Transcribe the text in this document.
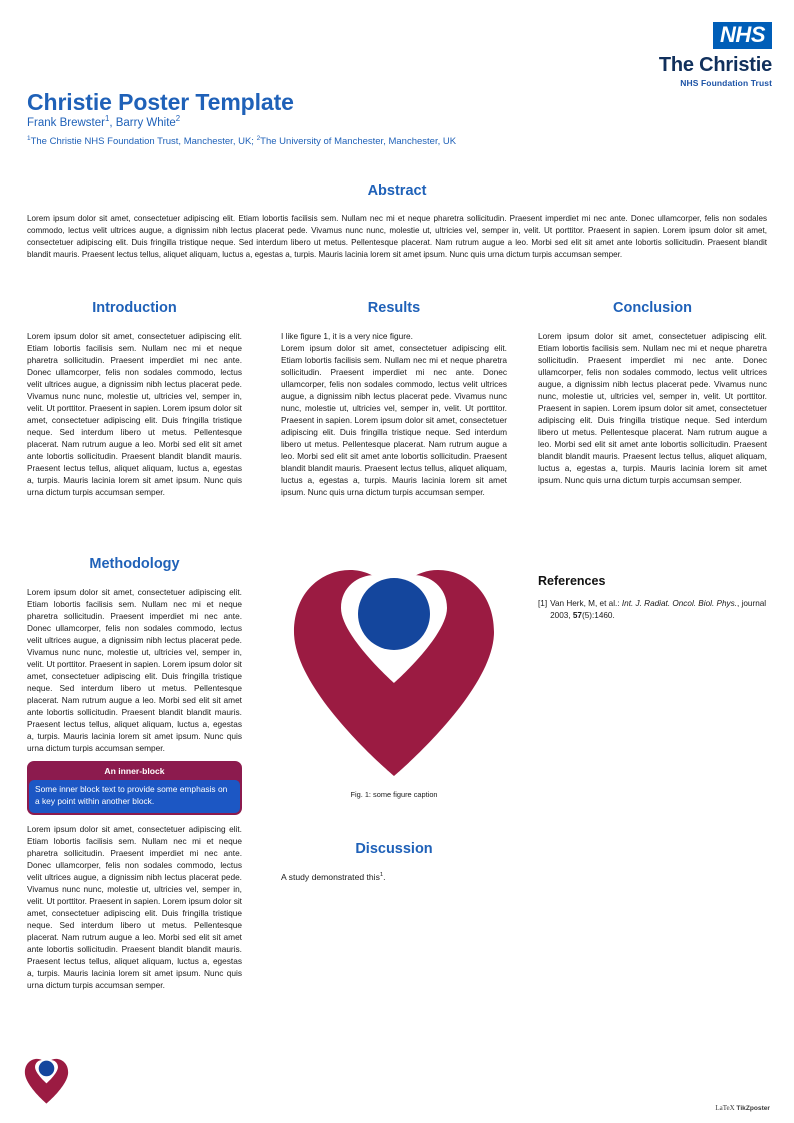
NHS
The Christie
NHS Foundation Trust
Christie Poster Template
Frank Brewster$^1$, Barry White$^2$
$^1$The Christie NHS Foundation Trust, Manchester, UK; $^2$The University of Manchester, Manchester, UK
Abstract

Lorem ipsum dolor sit amet, consectetuer adipiscing elit. Etiam lobortis facilisis sem. Nullam nec mi et neque pharetra sollicitudin. Praesent imperdiet mi nec ante. Donec ullamcorper, felis non sodales commodo, lectus velit ultrices augue, a dignissim nibh lectus placerat pede. Vivamus nunc nunc, molestie ut, ultricies vel, semper in, velit. Ut porttitor. Praesent in sapien. Lorem ipsum dolor sit amet, consectetuer adipiscing elit. Duis fringilla tristique neque. Sed interdum libero ut metus. Pellentesque placerat. Nam rutrum augue a leo. Morbi sed elit sit amet ante lobortis sollicitudin. Praesent blandit blandit mauris. Praesent lectus tellus, aliquet aliquam, luctus a, egestas a, turpis. Mauris lacinia lorem sit amet ipsum. Nunc quis urna dictum turpis accumsan semper.

Introduction

Lorem ipsum dolor sit amet, consectetuer adipiscing elit. Etiam lobortis facilisis sem. Nullam nec mi et neque pharetra sollicitudin. Praesent imperdiet mi nec ante. Donec ullamcorper, felis non sodales commodo, lectus velit ultrices augue, a dignissim nibh lectus placerat pede. Vivamus nunc nunc, molestie ut, ultricies vel, semper in, velit. Ut porttitor. Praesent in sapien. Lorem ipsum dolor sit amet, consectetuer adipiscing elit. Duis fringilla tristique neque. Sed interdum libero ut metus. Pellentesque placerat. Nam rutrum augue a leo. Morbi sed elit sit amet ante lobortis sollicitudin. Praesent blandit blandit mauris. Praesent lectus tellus, aliquet aliquam, luctus a, egestas a, turpis. Mauris lacinia lorem sit amet ipsum. Nunc quis urna dictum turpis accumsan semper.

Results

I like figure 1, it is a very nice figure.

Lorem ipsum dolor sit amet, consectetuer adipiscing elit. Etiam lobortis facilisis sem. Nullam nec mi et neque pharetra sollicitudin. Praesent imperdiet mi nec ante. Donec ullamcorper, felis non sodales commodo, lectus velit ultrices augue, a dignissim nibh lectus placerat pede. Vivamus nunc nunc, molestie ut, ultricies vel, semper in, velit. Ut porttitor. Praesent in sapien. Lorem ipsum dolor sit amet, consectetuer adipiscing elit. Duis fringilla tristique neque. Sed interdum libero ut metus. Pellentesque placerat. Nam rutrum augue a leo. Morbi sed elit sit amet ante lobortis sollicitudin. Praesent blandit blandit mauris. Praesent lectus tellus, aliquet aliquam, luctus a, egestas a, turpis. Mauris lacinia lorem sit amet ipsum. Nunc quis urna dictum turpis accumsan semper.

Conclusion

Lorem ipsum dolor sit amet, consectetuer adipiscing elit. Etiam lobortis facilisis sem. Nullam nec mi et neque pharetra sollicitudin. Praesent imperdiet mi nec ante. Donec ullamcorper, felis non sodales commodo, lectus velit ultrices augue, a dignissim nibh lectus placerat pede. Vivamus nunc nunc, molestie ut, ultricies vel, semper in, velit. Ut porttitor. Praesent in sapien. Lorem ipsum dolor sit amet, consectetuer adipiscing elit. Duis fringilla tristique neque. Sed interdum libero ut metus. Pellentesque placerat. Nam rutrum augue a leo. Morbi sed elit sit amet ante lobortis sollicitudin. Praesent blandit blandit mauris. Praesent lectus tellus, aliquet aliquam, luctus a, egestas a, turpis. Mauris lacinia lorem sit amet ipsum. Nunc quis urna dictum turpis accumsan semper.

Methodology

Lorem ipsum dolor sit amet, consectetuer adipiscing elit. Etiam lobortis facilisis sem. Nullam nec mi et neque pharetra sollicitudin. Praesent imperdiet mi nec ante. Donec ullamcorper, felis non sodales commodo, lectus velit ultrices augue, a dignissim nibh lectus placerat pede. Vivamus nunc nunc, molestie ut, ultricies vel, semper in, velit. Ut porttitor. Praesent in sapien. Lorem ipsum dolor sit amet, consectetuer adipiscing elit. Duis fringilla tristique neque. Sed interdum libero ut metus. Pellentesque placerat. Nam rutrum augue a leo. Morbi sed elit sit amet ante lobortis sollicitudin. Praesent blandit blandit mauris. Praesent lectus tellus, aliquet aliquam, luctus a, egestas a, turpis. Mauris lacinia lorem sit amet ipsum. Nunc quis urna dictum turpis accumsan semper.

An inner-block
Some inner block text to provide some emphasis on a key point within another block.

Lorem ipsum dolor sit amet, consectetuer adipiscing elit. Etiam lobortis facilisis sem. Nullam nec mi et neque pharetra sollicitudin. Praesent imperdiet mi nec ante. Donec ullamcorper, felis non sodales commodo, lectus velit ultrices augue, a dignissim nibh lectus placerat pede. Vivamus nunc nunc, molestie ut, ultricies vel, semper in, velit. Ut porttitor. Praesent in sapien. Lorem ipsum dolor sit amet, consectetuer adipiscing elit. Duis fringilla tristique neque. Sed interdum libero ut metus. Pellentesque placerat. Nam rutrum augue a leo. Morbi sed elit sit amet ante lobortis sollicitudin. Praesent blandit blandit mauris. Praesent lectus tellus, aliquet aliquam, luctus a, egestas a, turpis. Mauris lacinia lorem sit amet ipsum. Nunc quis urna dictum turpis accumsan semper.

Fig. 1: some figure caption
Discussion

A study demonstrated this$^1$.

References
[1] Van Herk, M, et al.: Int. J. Radiat. Oncol. Biol. Phys., journal 2003, 57(5):1460.
LaTeX TikZposter
